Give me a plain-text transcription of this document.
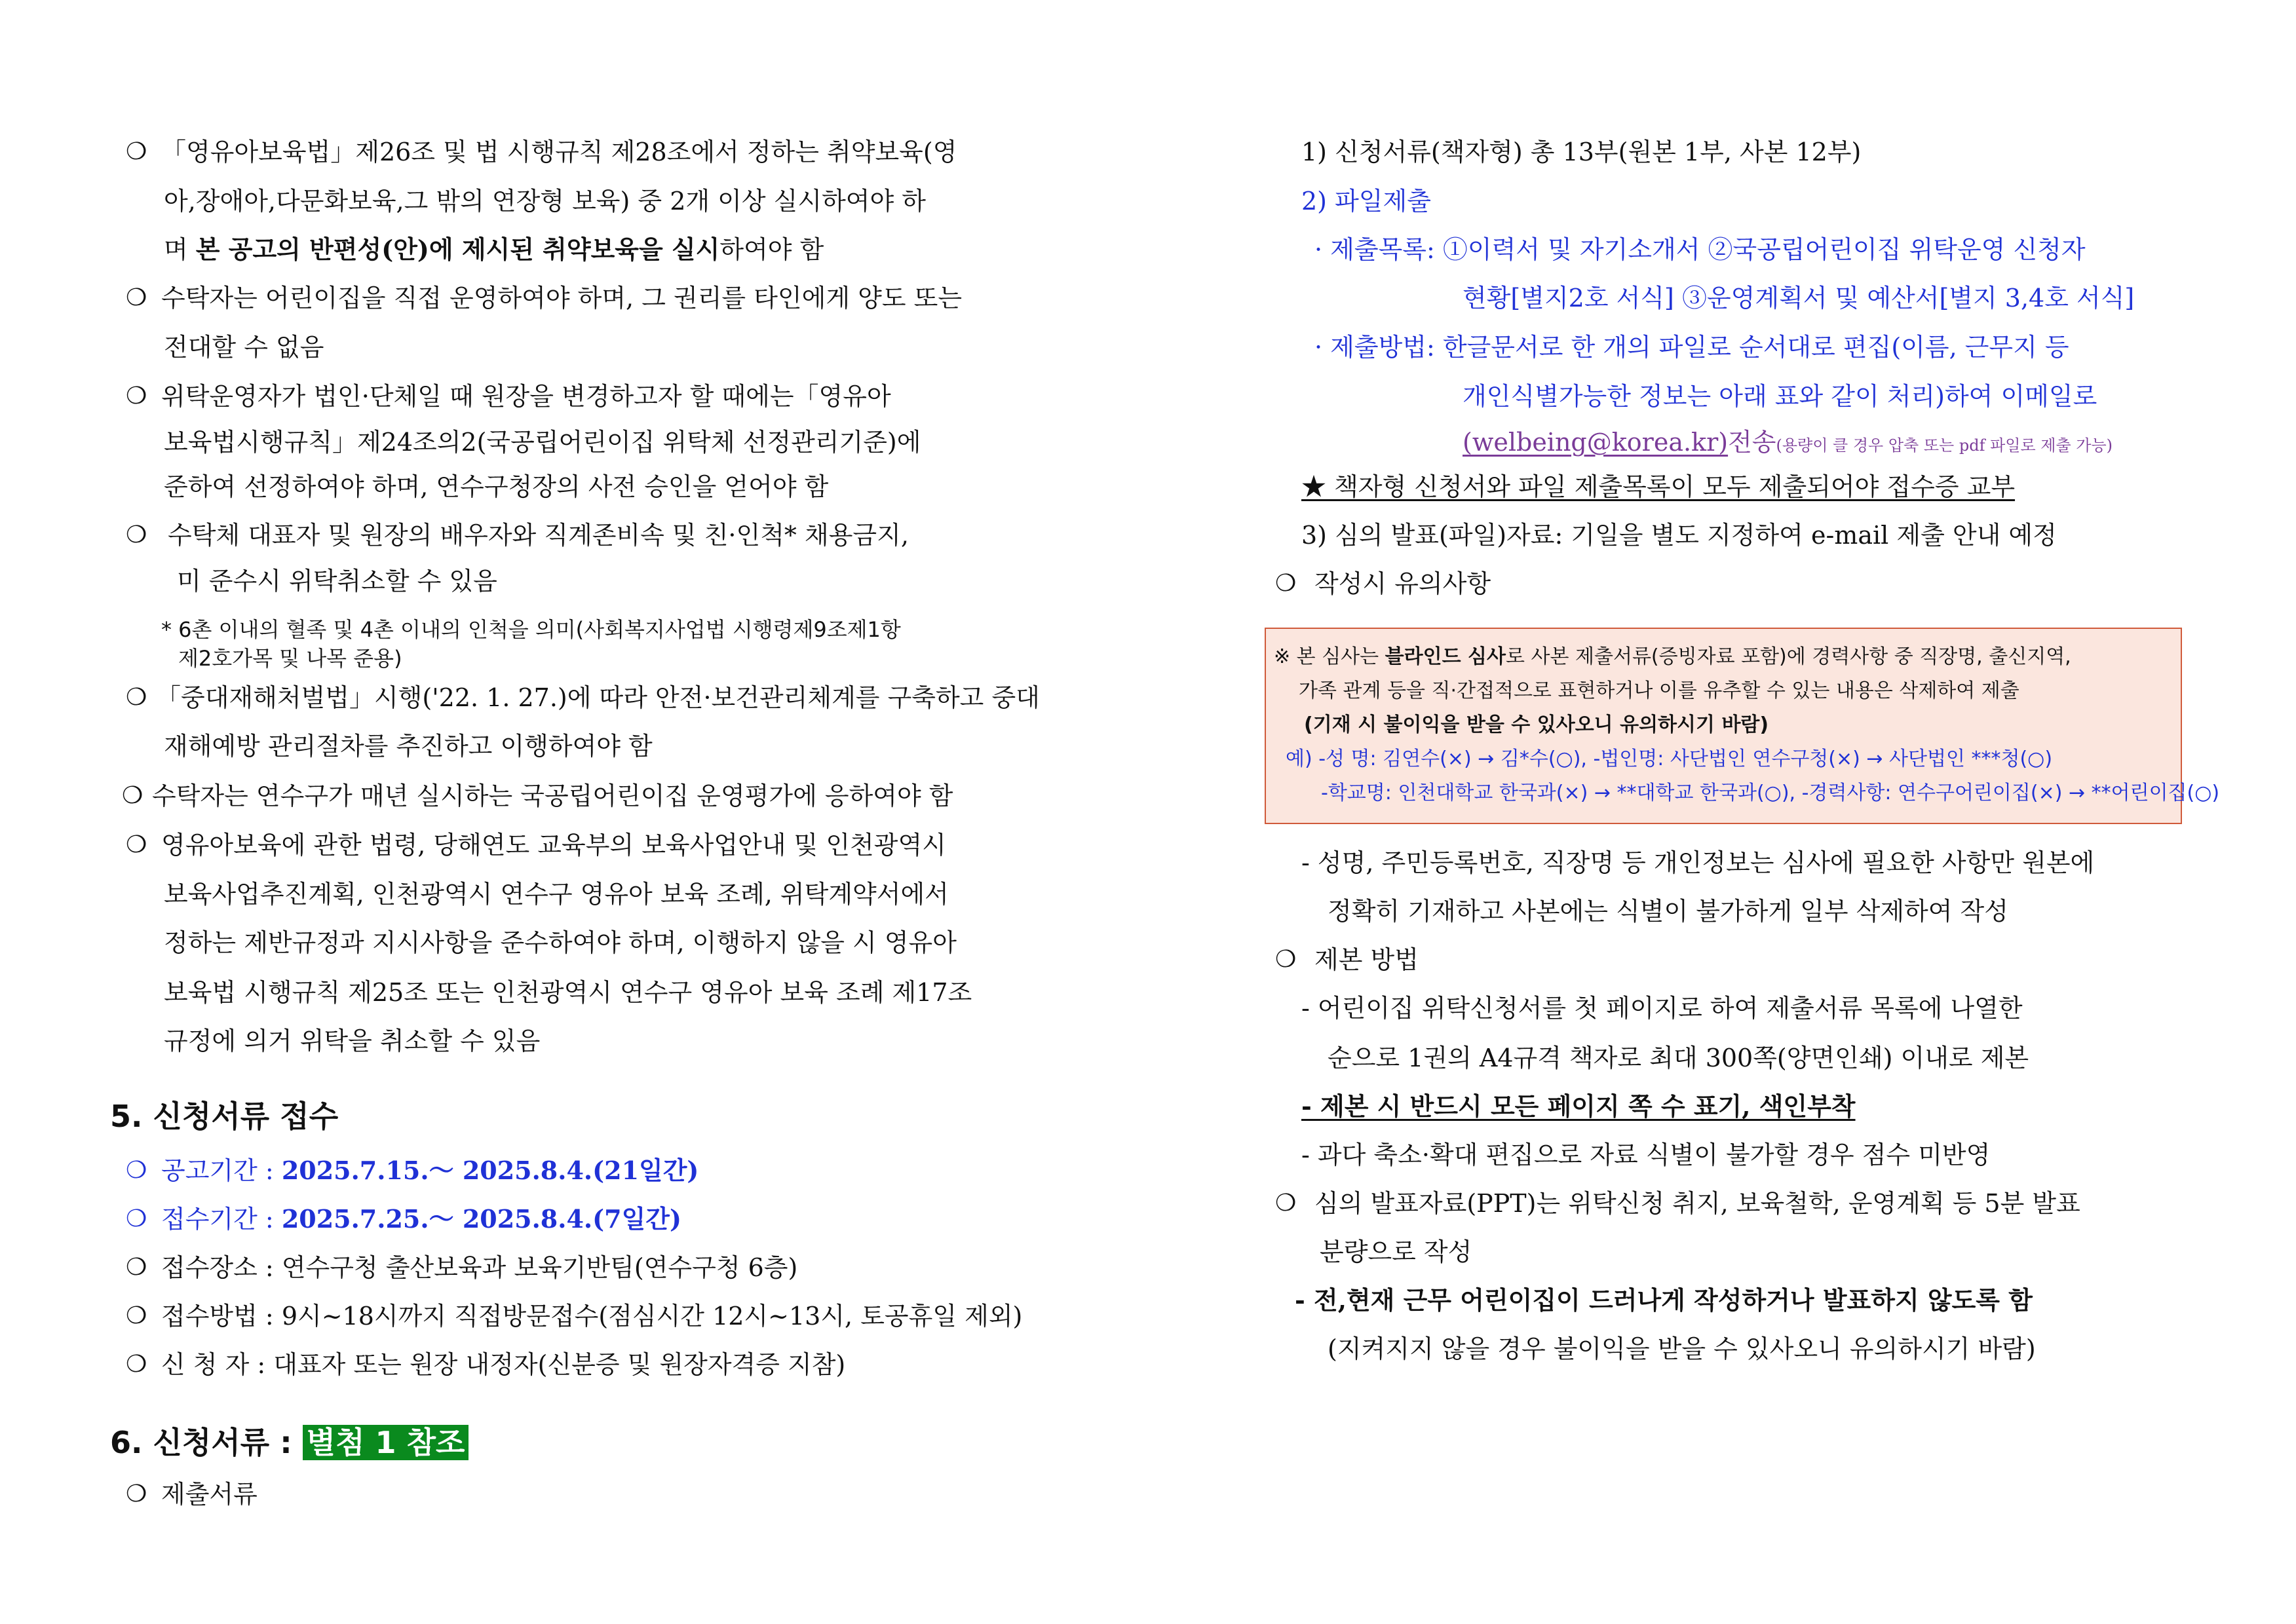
❍ 「영유아보육법」제26조 및 법 시행규칙 제28조에서 정하는 취약보육(영
아,장애아,다문화보육,그 밖의 연장형 보육) 중 2개 이상 실시하여야 하
며 본 공고의 반편성(안)에 제시된 취약보육을 실시하여야 함
❍ 수탁자는 어린이집을 직접 운영하여야 하며, 그 권리를 타인에게 양도 또는
전대할 수 없음
❍ 위탁운영자가 법인·단체일 때 원장을 변경하고자 할 때에는「영유아
보육법시행규칙」제24조의2(국공립어린이집 위탁체 선정관리기준)에
준하여 선정하여야 하며, 연수구청장의 사전 승인을 얻어야 함
❍ 수탁체 대표자 및 원장의 배우자와 직계존비속 및 친·인척* 채용금지,
미 준수시 위탁취소할 수 있음
* 6촌 이내의 혈족 및 4촌 이내의 인척을 의미(사회복지사업법 시행령제9조제1항
제2호가목 및 나목 준용)
❍ 「중대재해처벌법」시행('22. 1. 27.)에 따라 안전·보건관리체계를 구축하고 중대
재해예방 관리절차를 추진하고 이행하여야 함
❍ 수탁자는 연수구가 매년 실시하는 국공립어린이집 운영평가에 응하여야 함
❍ 영유아보육에 관한 법령, 당해연도 교육부의 보육사업안내 및 인천광역시
보육사업추진계획, 인천광역시 연수구 영유아 보육 조례, 위탁계약서에서
정하는 제반규정과 지시사항을 준수하여야 하며, 이행하지 않을 시 영유아
보육법 시행규칙 제25조 또는 인천광역시 연수구 영유아 보육 조례 제17조
규정에 의거 위탁을 취소할 수 있음
5. 신청서류 접수
❍ 공고기간 : 2025.7.15.～ 2025.8.4.(21일간)
❍ 접수기간 : 2025.7.25.～ 2025.8.4.(7일간)
❍ 접수장소 : 연수구청 출산보육과 보육기반팀(연수구청 6층)
❍ 접수방법 : 9시~18시까지 직접방문접수(점심시간 12시~13시, 토공휴일 제외)
❍ 신 청 자 : 대표자 또는 원장 내정자(신분증 및 원장자격증 지참)
6. 신청서류 : 별첨 1 참조
❍ 제출서류
1) 신청서류(책자형) 총 13부(원본 1부, 사본 12부)
2) 파일제출
· 제출목록: ①이력서 및 자기소개서 ②국공립어린이집 위탁운영 신청자
현황[별지2호 서식] ③운영계획서 및 예산서[별지 3,4호 서식]
· 제출방법: 한글문서로 한 개의 파일로 순서대로 편집(이름, 근무지 등
개인식별가능한 정보는 아래 표와 같이 처리)하여 이메일로
(welbeing@korea.kr)전송(용량이 클 경우 압축 또는 pdf 파일로 제출 가능)
★ 책자형 신청서와 파일 제출목록이 모두 제출되어야 접수증 교부
3) 심의 발표(파일)자료: 기일을 별도 지정하여 e-mail 제출 안내 예정
❍ 작성시 유의사항
※ 본 심사는 블라인드 심사로 사본 제출서류(증빙자료 포함)에 경력사항 중 직장명, 출신지역,
가족 관계 등을 직·간접적으로 표현하거나 이를 유추할 수 있는 내용은 삭제하여 제출
(기재 시 불이익을 받을 수 있사오니 유의하시기 바람)
예) -성 명: 김연수(×) → 김*수(○), -법인명: 사단법인 연수구청(×) → 사단법인 ***청(○)
-학교명: 인천대학교 한국과(×) → **대학교 한국과(○), -경력사항: 연수구어린이집(×) → **어린이집(○)
- 성명, 주민등록번호, 직장명 등 개인정보는 심사에 필요한 사항만 원본에
정확히 기재하고 사본에는 식별이 불가하게 일부 삭제하여 작성
❍ 제본 방법
- 어린이집 위탁신청서를 첫 페이지로 하여 제출서류 목록에 나열한
순으로 1권의 A4규격 책자로 최대 300쪽(양면인쇄) 이내로 제본
- 제본 시 반드시 모든 페이지 쪽 수 표기, 색인부착
- 과다 축소·확대 편집으로 자료 식별이 불가할 경우 점수 미반영
❍ 심의 발표자료(PPT)는 위탁신청 취지, 보육철학, 운영계획 등 5분 발표
분량으로 작성
- 전,현재 근무 어린이집이 드러나게 작성하거나 발표하지 않도록 함
(지켜지지 않을 경우 불이익을 받을 수 있사오니 유의하시기 바람)
